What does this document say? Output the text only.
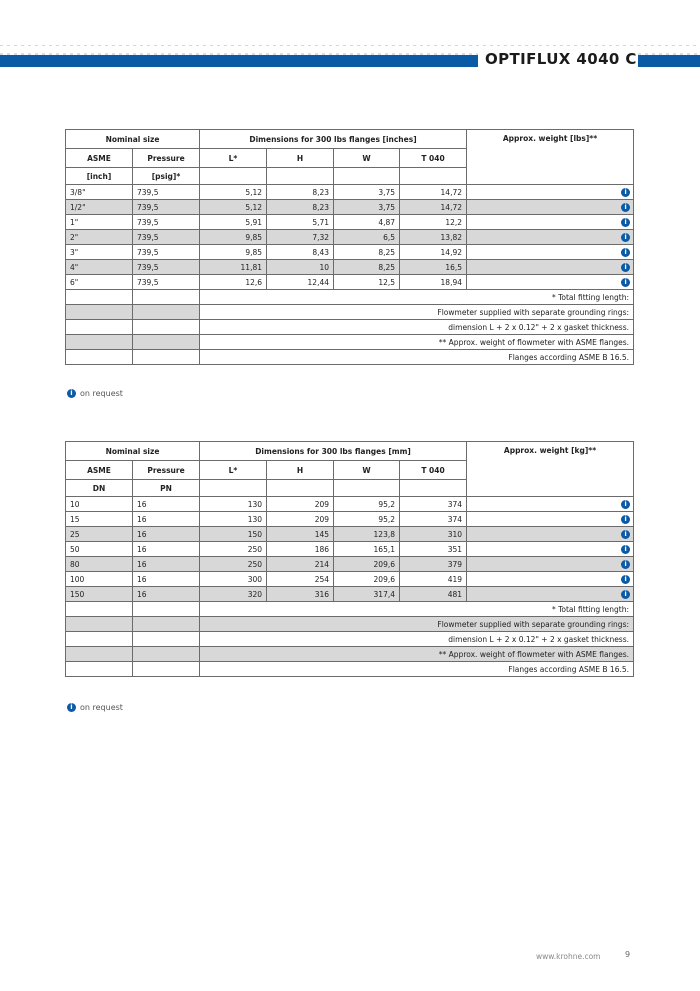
OPTIFLUX 4040 C
Nominal size		Dimensions for 300 lbs flanges [inches]				Approx. weight [lbs]**
ASME	Pressure	L*	H	W	T 040	
[inch]	[psig]*					
3/8"	739,5	5,12	8,23	3,75	14,72	i
1/2"	739,5	5,12	8,23	3,75	14,72	i
1"	739,5	5,91	5,71	4,87	12,2	i
2"	739,5	9,85	7,32	6,5	13,82	i
3"	739,5	9,85	8,43	8,25	14,92	i
4"	739,5	11,81	10	8,25	16,5	i
6"	739,5	12,6	12,44	12,5	18,94	i
		* Total fitting length:				
		Flowmeter supplied with separate grounding rings:				
		dimension L + 2 x 0.12" + 2 x gasket thickness.				
		** Approx. weight of flowmeter with ASME flanges.				
		Flanges according ASME B 16.5.				
i on request
Nominal size		Dimensions for 300 lbs flanges [mm]				Approx. weight [kg]**
ASME	Pressure	L*	H	W	T 040	
DN	PN					
10	16	130	209	95,2	374	i
15	16	130	209	95,2	374	i
25	16	150	145	123,8	310	i
50	16	250	186	165,1	351	i
80	16	250	214	209,6	379	i
100	16	300	254	209,6	419	i
150	16	320	316	317,4	481	i
		* Total fitting length:				
		Flowmeter supplied with separate grounding rings:				
		dimension L + 2 x 0.12" + 2 x gasket thickness.				
		** Approx. weight of flowmeter with ASME flanges.				
		Flanges according ASME B 16.5.				
i on request
www.krohne.com	9
